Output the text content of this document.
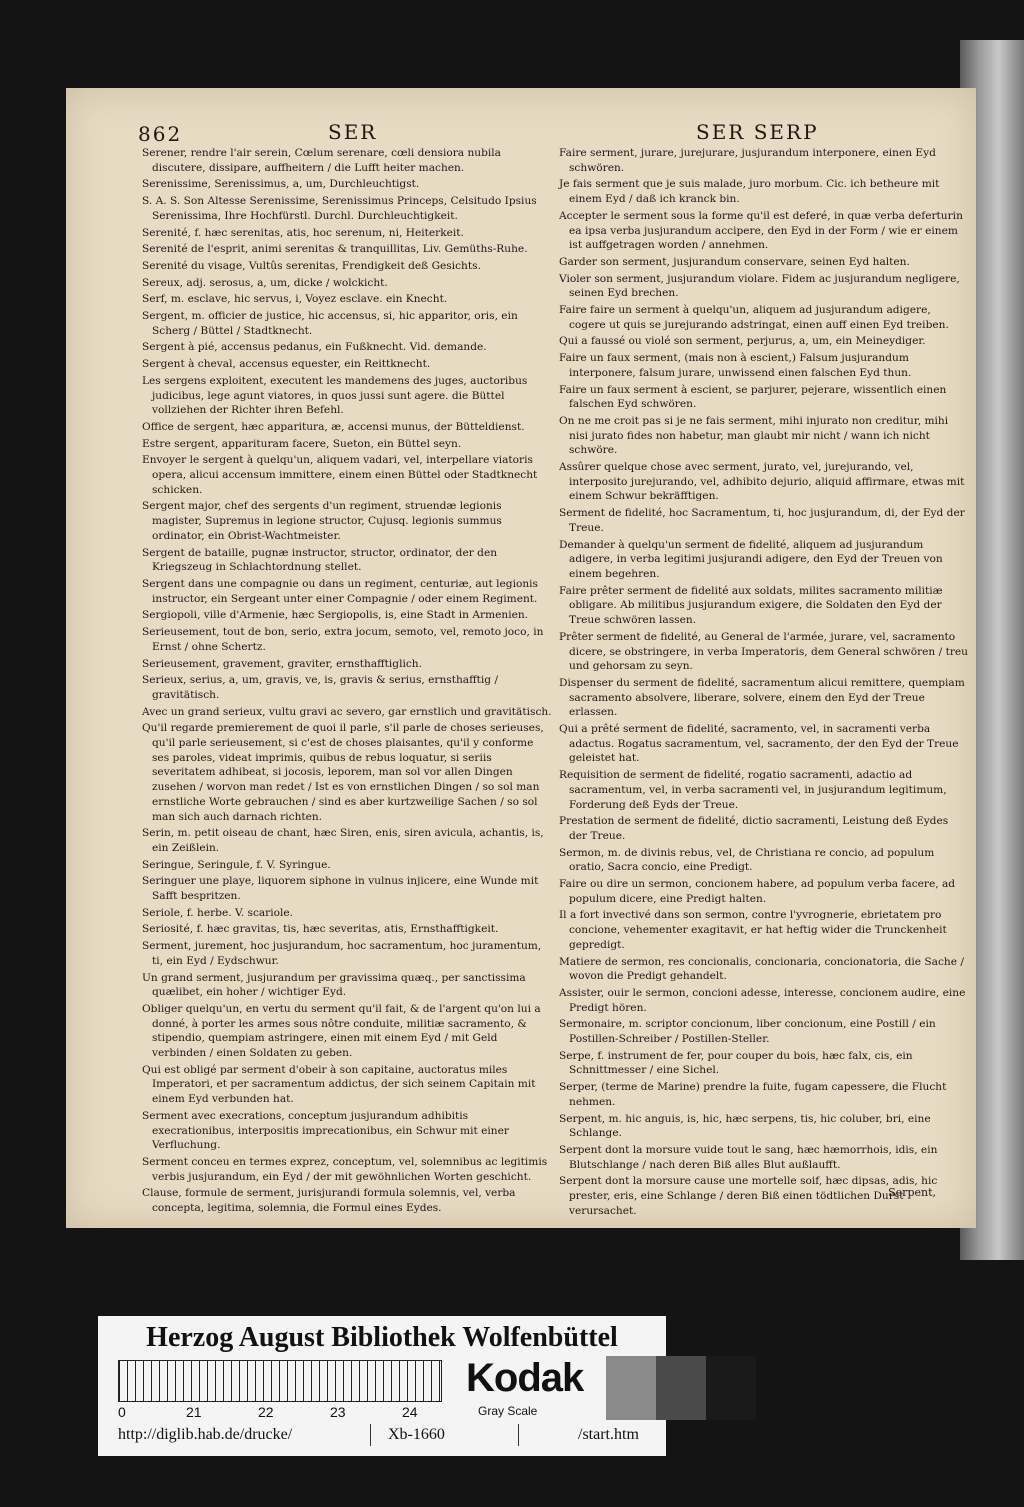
862	SER	SER SERP

Serener, rendre l'air serein, Cœlum serenare, cœli densiora nubila discutere, dissipare, auffheitern / die Lufft heiter machen.

Serenissime, Serenissimus, a, um, Durchleuchtigst.

S. A. S. Son Altesse Serenissime, Serenissimus Princeps, Celsitudo Ipsius Serenissima, Ihre Hochfürstl. Durchl. Durchleuchtigkeit.

Serenité, f. hæc serenitas, atis, hoc serenum, ni, Heiterkeit.

Serenité de l'esprit, animi serenitas & tranquillitas, Liv. Gemüths-Ruhe.

Serenité du visage, Vultûs serenitas, Frendigkeit deß Gesichts.

Sereux, adj. serosus, a, um, dicke / wolckicht.

Serf, m. esclave, hic servus, i, Voyez esclave. ein Knecht.

Sergent, m. officier de justice, hic accensus, si, hic apparitor, oris, ein Scherg / Büttel / Stadtknecht.

Sergent à pié, accensus pedanus, ein Fußknecht. Vid. demande.

Sergent à cheval, accensus equester, ein Reittknecht.

Les sergens exploitent, executent les mandemens des juges, auctoribus judicibus, lege agunt viatores, in quos jussi sunt agere. die Büttel vollziehen der Richter ihren Befehl.

Office de sergent, hæc apparitura, æ, accensi munus, der Bütteldienst.

Estre sergent, apparituram facere, Sueton, ein Büttel seyn.

Envoyer le sergent à quelqu'un, aliquem vadari, vel, interpellare viatoris opera, alicui accensum immittere, einem einen Büttel oder Stadtknecht schicken.

Sergent major, chef des sergents d'un regiment, struendæ legionis magister, Supremus in legione structor, Cujusq. legionis summus ordinator, ein Obrist-Wachtmeister.

Sergent de bataille, pugnæ instructor, structor, ordinator, der den Kriegszeug in Schlachtordnung stellet.

Sergent dans une compagnie ou dans un regiment, centuriæ, aut legionis instructor, ein Sergeant unter einer Compagnie / oder einem Regiment.

Sergiopoli, ville d'Armenie, hæc Sergiopolis, is, eine Stadt in Armenien.

Serieusement, tout de bon, serio, extra jocum, semoto, vel, remoto joco, in Ernst / ohne Schertz.

Serieusement, gravement, graviter, ernsthafftiglich.

Serieux, serius, a, um, gravis, ve, is, gravis & serius, ernsthafftig / gravitätisch.

Avec un grand serieux, vultu gravi ac severo, gar ernstlich und gravitätisch.

Qu'il regarde premierement de quoi il parle, s'il parle de choses serieuses, qu'il parle serieusement, si c'est de choses plaisantes, qu'il y conforme ses paroles, videat imprimis, quibus de rebus loquatur, si seriis severitatem adhibeat, si jocosis, leporem, man sol vor allen Dingen zusehen / worvon man redet / Ist es von ernstlichen Dingen / so sol man ernstliche Worte gebrauchen / sind es aber kurtzweilige Sachen / so sol man sich auch darnach richten.

Serin, m. petit oiseau de chant, hæc Siren, enis, siren avicula, achantis, is, ein Zeißlein.

Seringue, Seringule, f. V. Syringue.

Seringuer une playe, liquorem siphone in vulnus injicere, eine Wunde mit Safft bespritzen.

Seriole, f. herbe. V. scariole.

Seriosité, f. hæc gravitas, tis, hæc severitas, atis, Ernsthafftigkeit.

Serment, jurement, hoc jusjurandum, hoc sacramentum, hoc juramentum, ti, ein Eyd / Eydschwur.

Un grand serment, jusjurandum per gravissima quæq., per sanctissima quælibet, ein hoher / wichtiger Eyd.

Obliger quelqu'un, en vertu du serment qu'il fait, & de l'argent qu'on lui a donné, à porter les armes sous nôtre conduite, militiæ sacramento, & stipendio, quempiam astringere, einen mit einem Eyd / mit Geld verbinden / einen Soldaten zu geben.

Qui est obligé par serment d'obeir à son capitaine, auctoratus miles Imperatori, et per sacramentum addictus, der sich seinem Capitain mit einem Eyd verbunden hat.

Serment avec execrations, conceptum jusjurandum adhibitis execrationibus, interpositis imprecationibus, ein Schwur mit einer Verfluchung.

Serment conceu en termes exprez, conceptum, vel, solemnibus ac legitimis verbis jusjurandum, ein Eyd / der mit gewöhnlichen Worten geschicht.

Clause, formule de serment, jurisjurandi formula solemnis, vel, verba concepta, legitima, solemnia, die Formul eines Eydes.

Faire serment, jurare, jurejurare, jusjurandum interponere, einen Eyd schwören.

Je fais serment que je suis malade, juro morbum. Cic. ich betheure mit einem Eyd / daß ich kranck bin.

Accepter le serment sous la forme qu'il est deferé, in quæ verba deferturin ea ipsa verba jusjurandum accipere, den Eyd in der Form / wie er einem ist auffgetragen worden / annehmen.

Garder son serment, jusjurandum conservare, seinen Eyd halten.

Violer son serment, jusjurandum violare. Fidem ac jusjurandum negligere, seinen Eyd brechen.

Faire faire un serment à quelqu'un, aliquem ad jusjurandum adigere, cogere ut quis se jurejurando adstringat, einen auff einen Eyd treiben.

Qui a faussé ou violé son serment, perjurus, a, um, ein Meineydiger.

Faire un faux serment, (mais non à escient,) Falsum jusjurandum interponere, falsum jurare, unwissend einen falschen Eyd thun.

Faire un faux serment à escient, se parjurer, pejerare, wissentlich einen falschen Eyd schwören.

On ne me croit pas si je ne fais serment, mihi injurato non creditur, mihi nisi jurato fides non habetur, man glaubt mir nicht / wann ich nicht schwöre.

Assûrer quelque chose avec serment, jurato, vel, jurejurando, vel, interposito jurejurando, vel, adhibito dejurio, aliquid affirmare, etwas mit einem Schwur bekräfftigen.

Serment de fidelité, hoc Sacramentum, ti, hoc jusjurandum, di, der Eyd der Treue.

Demander à quelqu'un serment de fidelité, aliquem ad jusjurandum adigere, in verba legitimi jusjurandi adigere, den Eyd der Treuen von einem begehren.

Faire prêter serment de fidelité aux soldats, milites sacramento militiæ obligare. Ab militibus jusjurandum exigere, die Soldaten den Eyd der Treue schwören lassen.

Prêter serment de fidelité, au General de l'armée, jurare, vel, sacramento dicere, se obstringere, in verba Imperatoris, dem General schwören / treu und gehorsam zu seyn.

Dispenser du serment de fidelité, sacramentum alicui remittere, quempiam sacramento absolvere, liberare, solvere, einem den Eyd der Treue erlassen.

Qui a prêté serment de fidelité, sacramento, vel, in sacramenti verba adactus. Rogatus sacramentum, vel, sacramento, der den Eyd der Treue geleistet hat.

Requisition de serment de fidelité, rogatio sacramenti, adactio ad sacramentum, vel, in verba sacramenti vel, in jusjurandum legitimum, Forderung deß Eyds der Treue.

Prestation de serment de fidelité, dictio sacramenti, Leistung deß Eydes der Treue.

Sermon, m. de divinis rebus, vel, de Christiana re concio, ad populum oratio, Sacra concio, eine Predigt.

Faire ou dire un sermon, concionem habere, ad populum verba facere, ad populum dicere, eine Predigt halten.

Il a fort invectivé dans son sermon, contre l'yvrognerie, ebrietatem pro concione, vehementer exagitavit, er hat heftig wider die Trunckenheit gepredigt.

Matiere de sermon, res concionalis, concionaria, concionatoria, die Sache / wovon die Predigt gehandelt.

Assister, ouir le sermon, concioni adesse, interesse, concionem audire, eine Predigt hören.

Sermonaire, m. scriptor concionum, liber concionum, eine Postill / ein Postillen-Schreiber / Postillen-Steller.

Serpe, f. instrument de fer, pour couper du bois, hæc falx, cis, ein Schnittmesser / eine Sichel.

Serper, (terme de Marine) prendre la fuite, fugam capessere, die Flucht nehmen.

Serpent, m. hic anguis, is, hic, hæc serpens, tis, hic coluber, bri, eine Schlange.

Serpent dont la morsure vuide tout le sang, hæc hæmorrhois, idis, ein Blutschlange / nach deren Biß alles Blut außlaufft.

Serpent dont la morsure cause une mortelle soif, hæc dipsas, adis, hic prester, eris, eine Schlange / deren Biß einen tödtlichen Durst verursachet.

Serpent,
Herzog August Bibliothek Wolfenbüttel
0	21	22	23	24
Kodak
Gray Scale
http://diglib.hab.de/drucke/	Xb-1660	/start.htm
